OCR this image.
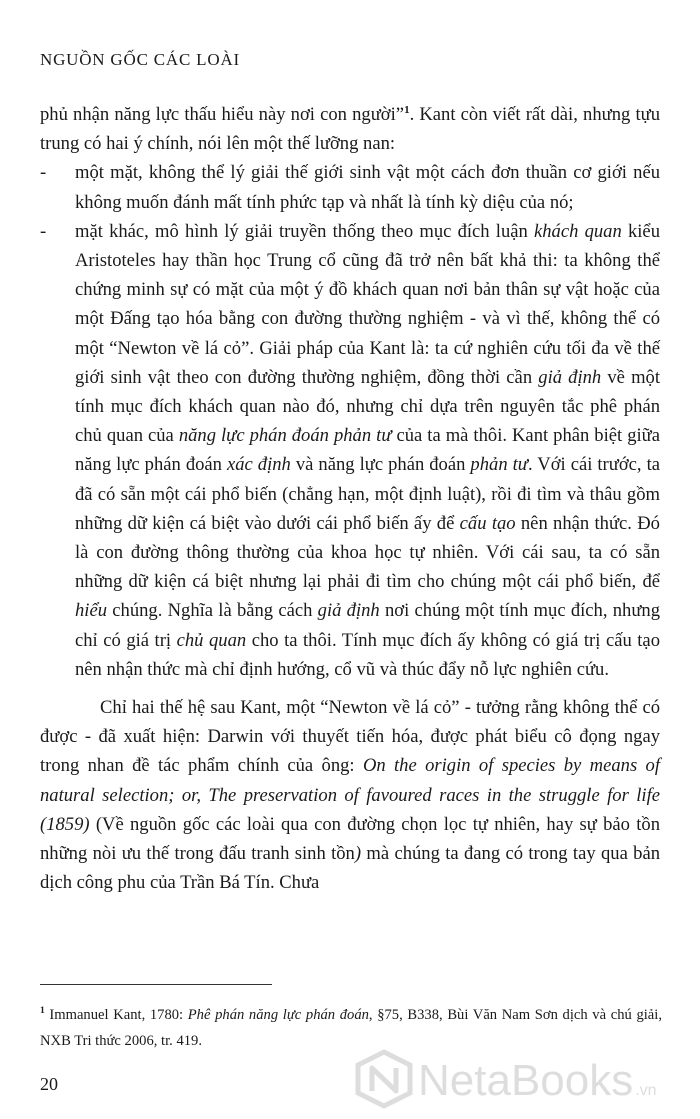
NGUỒN GỐC CÁC LOÀI

phủ nhận năng lực thấu hiểu này nơi con người”$^1$. Kant còn viết rất dài, nhưng tựu trung có hai ý chính, nói lên một thế lưỡng nan:

- một mặt, không thể lý giải thế giới sinh vật một cách đơn thuần cơ giới nếu không muốn đánh mất tính phức tạp và nhất là tính kỳ diệu của nó;

- mặt khác, mô hình lý giải truyền thống theo mục đích luận khách quan kiểu Aristoteles hay thần học Trung cổ cũng đã trở nên bất khả thi: ta không thể chứng minh sự có mặt của một ý đồ khách quan nơi bản thân sự vật hoặc của một Đấng tạo hóa bằng con đường thường nghiệm - và vì thế, không thể có một “Newton về lá cỏ”. Giải pháp của Kant là: ta cứ nghiên cứu tối đa về thế giới sinh vật theo con đường thường nghiệm, đồng thời cần giả định về một tính mục đích khách quan nào đó, nhưng chỉ dựa trên nguyên tắc phê phán chủ quan của năng lực phán đoán phản tư của ta mà thôi. Kant phân biệt giữa năng lực phán đoán xác định và năng lực phán đoán phản tư. Với cái trước, ta đã có sẵn một cái phổ biến (chẳng hạn, một định luật), rồi đi tìm và thâu gồm những dữ kiện cá biệt vào dưới cái phổ biến ấy để cấu tạo nên nhận thức. Đó là con đường thông thường của khoa học tự nhiên. Với cái sau, ta có sẵn những dữ kiện cá biệt nhưng lại phải đi tìm cho chúng một cái phổ biến, để hiểu chúng. Nghĩa là bằng cách giả định nơi chúng một tính mục đích, nhưng chỉ có giá trị chủ quan cho ta thôi. Tính mục đích ấy không có giá trị cấu tạo nên nhận thức mà chỉ định hướng, cổ vũ và thúc đẩy nỗ lực nghiên cứu.

Chỉ hai thế hệ sau Kant, một “Newton về lá cỏ” - tưởng rằng không thể có được - đã xuất hiện: Darwin với thuyết tiến hóa, được phát biểu cô đọng ngay trong nhan đề tác phẩm chính của ông: On the origin of species by means of natural selection; or, The preservation of favoured races in the struggle for life (1859) (Về nguồn gốc các loài qua con đường chọn lọc tự nhiên, hay sự bảo tồn những nòi ưu thế trong đấu tranh sinh tồn) mà chúng ta đang có trong tay qua bản dịch công phu của Trần Bá Tín. Chưa

$^1$ Immanuel Kant, 1780: Phê phán năng lực phán đoán, §75, B338, Bùi Văn Nam Sơn dịch và chú giải, NXB Tri thức 2006, tr. 419.
20	NetaBooks .vn
